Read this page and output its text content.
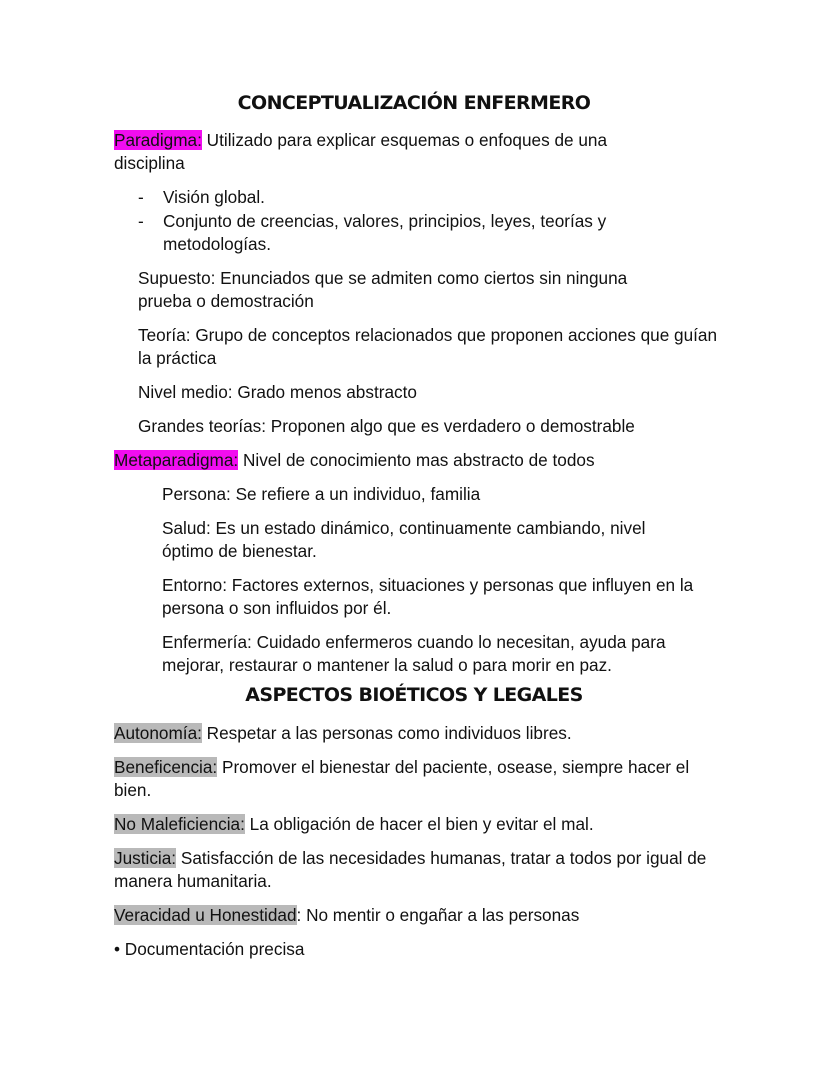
CONCEPTUALIZACIÓN ENFERMERO

Paradigma: Utilizado para explicar esquemas o enfoques de una disciplina

- Visión global.

- Conjunto de creencias, valores, principios, leyes, teorías y metodologías.

Supuesto: Enunciados que se admiten como ciertos sin ninguna prueba o demostración

Teoría: Grupo de conceptos relacionados que proponen acciones que guían la práctica

Nivel medio: Grado menos abstracto

Grandes teorías: Proponen algo que es verdadero o demostrable

Metaparadigma: Nivel de conocimiento mas abstracto de todos

Persona: Se refiere a un individuo, familia

Salud: Es un estado dinámico, continuamente cambiando, nivel óptimo de bienestar.

Entorno: Factores externos, situaciones y personas que influyen en la persona o son influidos por él.

Enfermería: Cuidado enfermeros cuando lo necesitan, ayuda para mejorar, restaurar o mantener la salud o para morir en paz.

ASPECTOS BIOÉTICOS Y LEGALES

Autonomía: Respetar a las personas como individuos libres.

Beneficencia: Promover el bienestar del paciente, osease, siempre hacer el bien.

No Maleficiencia: La obligación de hacer el bien y evitar el mal.

Justicia: Satisfacción de las necesidades humanas, tratar a todos por igual de manera humanitaria.

Veracidad u Honestidad: No mentir o engañar a las personas

• Documentación precisa
